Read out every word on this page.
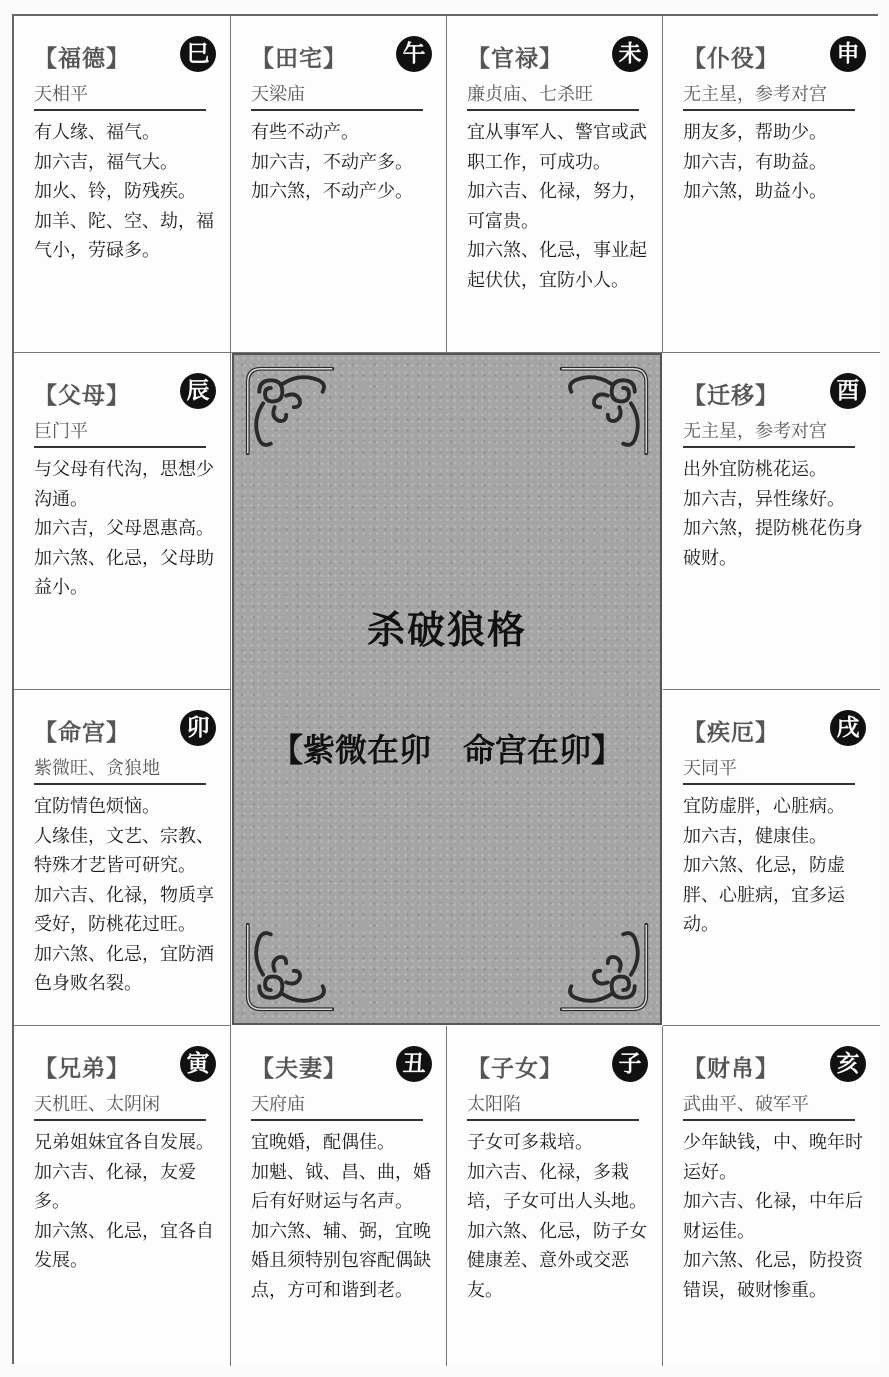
【福德】 巳
天相平

有人缘、福气。

加六吉，福气大。

加火、铃，防残疾。

加羊、陀、空、劫，福气小，劳碌多。

【田宅】 午
天梁庙

有些不动产。

加六吉，不动产多。

加六煞，不动产少。

【官禄】 未
廉贞庙、七杀旺

宜从事军人、警官或武职工作，可成功。

加六吉、化禄，努力，可富贵。

加六煞、化忌，事业起起伏伏，宜防小人。

【仆役】	申
无主星，参考对宫

朋友多，帮助少。

加六吉，有助益。

加六煞，助益小。

【父母】 辰
巨门平

与父母有代沟，思想少沟通。

加六吉，父母恩惠高。

加六煞、化忌，父母助益小。

【迁移】	酉
无主星，参考对宫

出外宜防桃花运。

加六吉，异性缘好。

加六煞，提防桃花伤身破财。

【命宫】 卯
紫微旺、贪狼地

宜防情色烦恼。

人缘佳，文艺、宗教、特殊才艺皆可研究。

加六吉、化禄，物质享受好，防桃花过旺。

加六煞、化忌，宜防酒色身败名裂。

【疾厄】	戌
天同平

宜防虚胖，心脏病。

加六吉，健康佳。

加六煞、化忌，防虚胖、心脏病，宜多运动。

【兄弟】 寅
天机旺、太阴闲

兄弟姐妹宜各自发展。

加六吉、化禄，友爱多。

加六煞、化忌，宜各自发展。

【夫妻】 丑
天府庙

宜晚婚，配偶佳。

加魁、钺、昌、曲，婚后有好财运与名声。

加六煞、辅、弼，宜晚婚且须特别包容配偶缺点，方可和谐到老。

【子女】 子
太阳陷

子女可多栽培。

加六吉、化禄，多栽培，子女可出人头地。

加六煞、化忌，防子女健康差、意外或交恶友。

【财帛】	亥
武曲平、破军平

少年缺钱，中、晚年时运好。

加六吉、化禄，中年后财运佳。

加六煞、化忌，防投资错误，破财惨重。

杀破狼格
【紫微在卯　命宫在卯】
